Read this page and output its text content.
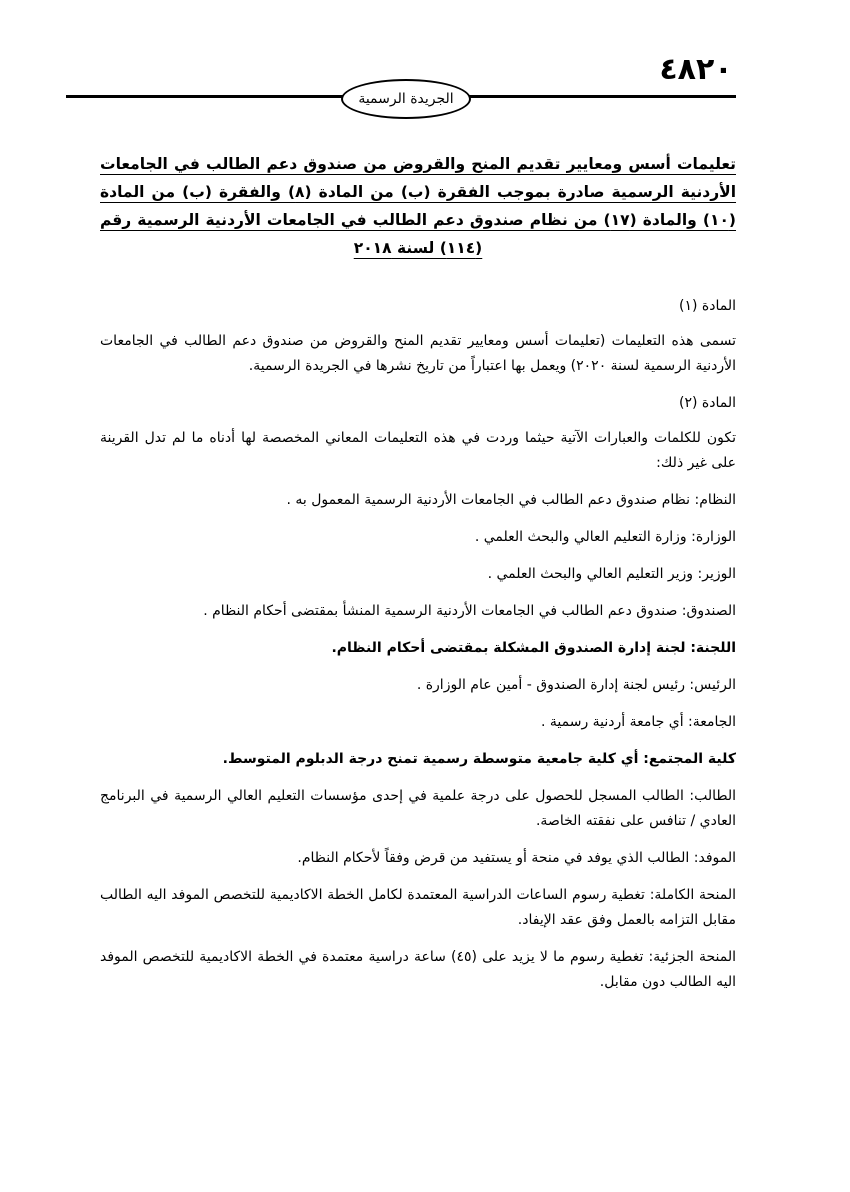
٤٨٢٠
الجريدة الرسمية
تعليمات أسس ومعايير تقديم المنح والقروض من صندوق دعم الطالب في الجامعات الأردنية الرسمية صادرة بموجب الفقرة (ب) من المادة (٨) والفقرة (ب) من المادة (١٠) والمادة (١٧) من نظام صندوق دعم الطالب في الجامعات الأردنية الرسمية رقم (١١٤) لسنة ٢٠١٨

المادة (١)

تسمى هذه التعليمات (تعليمات أسس ومعايير تقديم المنح والقروض من صندوق دعم الطالب في الجامعات الأردنية الرسمية لسنة ٢٠٢٠) ويعمل بها اعتباراً من تاريخ نشرها في الجريدة الرسمية.

المادة (٢)

تكون للكلمات والعبارات الآتية حيثما وردت في هذه التعليمات المعاني المخصصة لها أدناه ما لم تدل القرينة على غير ذلك:

النظام: نظام صندوق دعم الطالب في الجامعات الأردنية الرسمية المعمول به .

الوزارة: وزارة التعليم العالي والبحث العلمي .

الوزير: وزير التعليم العالي والبحث العلمي .

الصندوق: صندوق دعم الطالب في الجامعات الأردنية الرسمية المنشأ بمقتضى أحكام النظام .

اللجنة: لجنة إدارة الصندوق المشكلة بمقتضى أحكام النظام.

الرئيس: رئيس لجنة إدارة الصندوق - أمين عام الوزارة .

الجامعة: أي جامعة أردنية رسمية .

كلية المجتمع: أي كلية جامعية متوسطة رسمية تمنح درجة الدبلوم المتوسط.

الطالب: الطالب المسجل للحصول على درجة علمية في إحدى مؤسسات التعليم العالي الرسمية في البرنامج العادي / تنافس على نفقته الخاصة.

الموفد: الطالب الذي يوفد في منحة أو يستفيد من قرض وفقاً لأحكام النظام.

المنحة الكاملة: تغطية رسوم الساعات الدراسية المعتمدة لكامل الخطة الاكاديمية للتخصص الموفد اليه الطالب مقابل التزامه بالعمل وفق عقد الإيفاد.

المنحة الجزئية: تغطية رسوم ما لا يزيد على (٤٥) ساعة دراسية معتمدة في الخطة الاكاديمية للتخصص الموفد اليه الطالب دون مقابل.
